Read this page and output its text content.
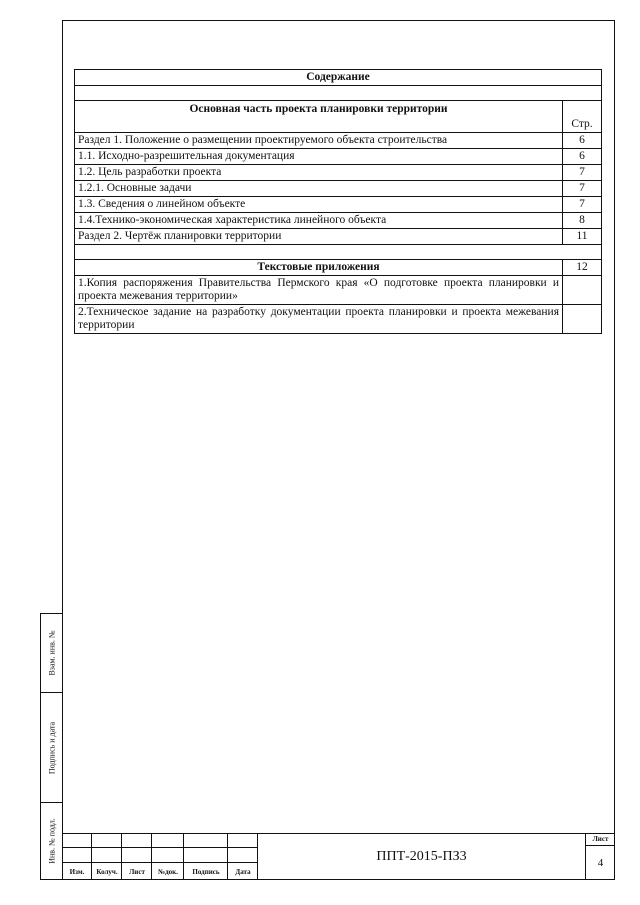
Взам. инв. №
Подпись и дата
Инв. № подл.
Содержание	

Основная часть проекта планировки территории	Стр.
Раздел 1. Положение о размещении проектируемого объекта строительства	6
1.1. Исходно-разрешительная документация	6
1.2. Цель разработки проекта	7
1.2.1. Основные задачи	7
1.3. Сведения о линейном объекте	7
1.4.Технико-экономическая характеристика линейного объекта	8
Раздел 2. Чертёж планировки территории	11

Текстовые приложения	12
1.Копия распоряжения Правительства Пермского края «О подготовке проекта планировки и проекта межевания территории»	
2.Техническое задание на разработку документации проекта планировки и проекта межевания территории	
Изм.	Колуч.	Лист	№док.	Подпись	Дата
ППТ-2015-ПЗ3
Лист
4
